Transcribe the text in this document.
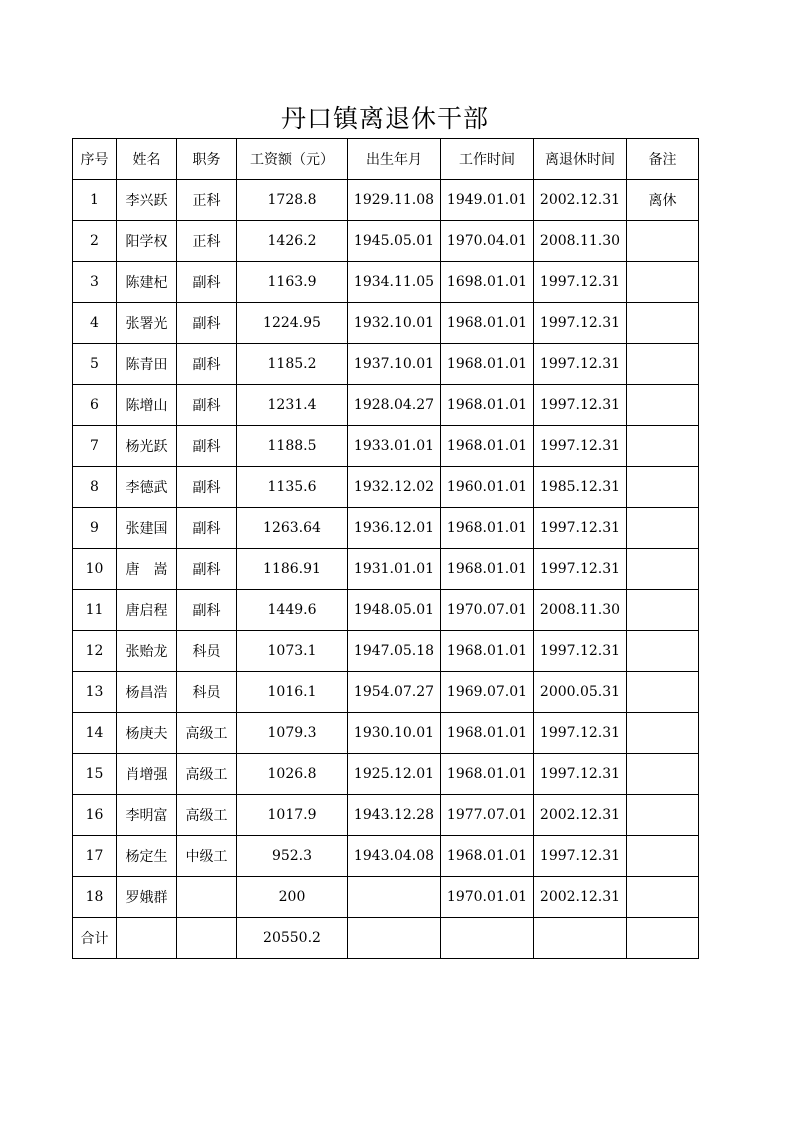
丹口镇离退休干部
序号	姓名	职务	工资额（元）	出生年月	工作时间	离退休时间	备注
1	李兴跃	正科	1728.8	1929.11.08	1949.01.01	2002.12.31	离休
2	阳学权	正科	1426.2	1945.05.01	1970.04.01	2008.11.30	
3	陈建杞	副科	1163.9	1934.11.05	1698.01.01	1997.12.31	
4	张署光	副科	1224.95	1932.10.01	1968.01.01	1997.12.31	
5	陈青田	副科	1185.2	1937.10.01	1968.01.01	1997.12.31	
6	陈增山	副科	1231.4	1928.04.27	1968.01.01	1997.12.31	
7	杨光跃	副科	1188.5	1933.01.01	1968.01.01	1997.12.31	
8	李德武	副科	1135.6	1932.12.02	1960.01.01	1985.12.31	
9	张建国	副科	1263.64	1936.12.01	1968.01.01	1997.12.31	
10	唐　嵩	副科	1186.91	1931.01.01	1968.01.01	1997.12.31	
11	唐启程	副科	1449.6	1948.05.01	1970.07.01	2008.11.30	
12	张贻龙	科员	1073.1	1947.05.18	1968.01.01	1997.12.31	
13	杨昌浩	科员	1016.1	1954.07.27	1969.07.01	2000.05.31	
14	杨庚夫	高级工	1079.3	1930.10.01	1968.01.01	1997.12.31	
15	肖增强	高级工	1026.8	1925.12.01	1968.01.01	1997.12.31	
16	李明富	高级工	1017.9	1943.12.28	1977.07.01	2002.12.31	
17	杨定生	中级工	952.3	1943.04.08	1968.01.01	1997.12.31	
18	罗娥群		200		1970.01.01	2002.12.31	
合计			20550.2				
